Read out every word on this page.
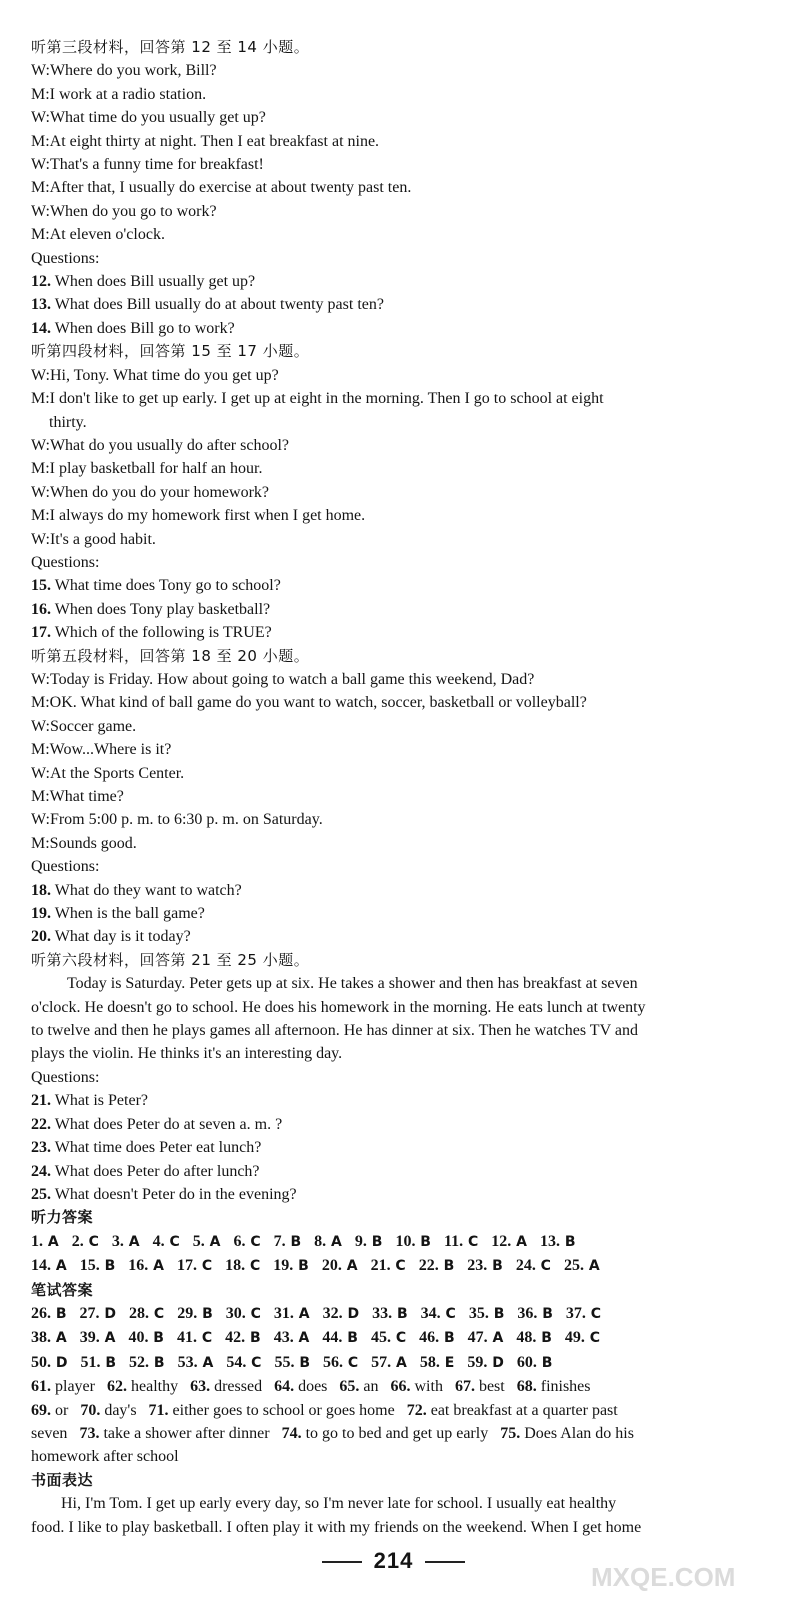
听第三段材料，回答第 12 至 14 小题。
W:Where do you work, Bill?
M:I work at a radio station.
W:What time do you usually get up?
M:At eight thirty at night. Then I eat breakfast at nine.
W:That's a funny time for breakfast!
M:After that, I usually do exercise at about twenty past ten.
W:When do you go to work?
M:At eleven o'clock.
Questions:
12. When does Bill usually get up?
13. What does Bill usually do at about twenty past ten?
14. When does Bill go to work?
听第四段材料，回答第 15 至 17 小题。
W:Hi, Tony. What time do you get up?
M:I don't like to get up early. I get up at eight in the morning. Then I go to school at eight
thirty.
W:What do you usually do after school?
M:I play basketball for half an hour.
W:When do you do your homework?
M:I always do my homework first when I get home.
W:It's a good habit.
Questions:
15. What time does Tony go to school?
16. When does Tony play basketball?
17. Which of the following is TRUE?
听第五段材料，回答第 18 至 20 小题。
W:Today is Friday. How about going to watch a ball game this weekend, Dad?
M:OK. What kind of ball game do you want to watch, soccer, basketball or volleyball?
W:Soccer game.
M:Wow...Where is it?
W:At the Sports Center.
M:What time?
W:From 5:00 p. m. to 6:30 p. m. on Saturday.
M:Sounds good.
Questions:
18. What do they want to watch?
19. When is the ball game?
20. What day is it today?
听第六段材料，回答第 21 至 25 小题。
Today is Saturday. Peter gets up at six. He takes a shower and then has breakfast at seven
o'clock. He doesn't go to school. He does his homework in the morning. He eats lunch at twenty
to twelve and then he plays games all afternoon. He has dinner at six. Then he watches TV and
plays the violin. He thinks it's an interesting day.
Questions:
21. What is Peter?
22. What does Peter do at seven a. m. ?
23. What time does Peter eat lunch?
24. What does Peter do after lunch?
25. What doesn't Peter do in the evening?
听力答案
1. A 2. C 3. A 4. C 5. A 6. C 7. B 8. A 9. B 10. B 11. C 12. A 13. B
14. A 15. B 16. A 17. C 18. C 19. B 20. A 21. C 22. B 23. B 24. C 25. A
笔试答案
26. B 27. D 28. C 29. B 30. C 31. A 32. D 33. B 34. C 35. B 36. B 37. C
38. A 39. A 40. B 41. C 42. B 43. A 44. B 45. C 46. B 47. A 48. B 49. C
50. D 51. B 52. B 53. A 54. C 55. B 56. C 57. A 58. E 59. D 60. B
61. player 62. healthy 63. dressed 64. does 65. an 66. with 67. best 68. finishes
69. or 70. day's 71. either goes to school or goes home 72. eat breakfast at a quarter past
seven 73. take a shower after dinner 74. to go to bed and get up early 75. Does Alan do his
homework after school
书面表达
Hi, I'm Tom. I get up early every day, so I'm never late for school. I usually eat healthy
food. I like to play basketball. I often play it with my friends on the weekend. When I get home
214
MXQE.COM
